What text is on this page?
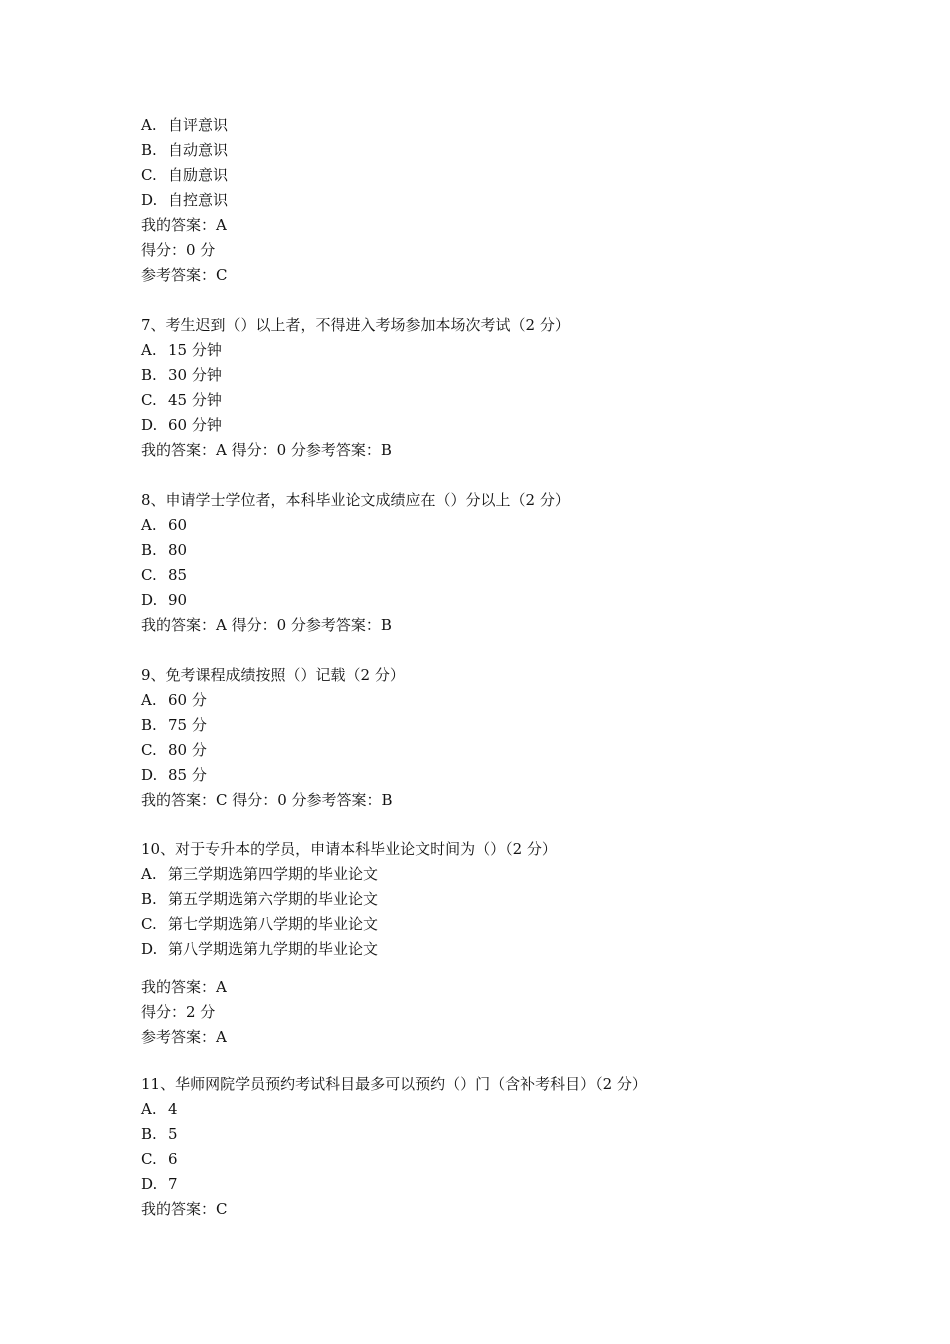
A. 自评意识
B. 自动意识
C. 自励意识
D. 自控意识
我的答案：A
得分：0 分
参考答案：C
7、考生迟到（）以上者，不得进入考场参加本场次考试（2 分）
A. 15 分钟
B. 30 分钟
C. 45 分钟
D. 60 分钟
我的答案：A 得分：0 分参考答案：B
8、申请学士学位者，本科毕业论文成绩应在（）分以上（2 分）
A. 60
B. 80
C. 85
D. 90
我的答案：A 得分：0 分参考答案：B
9、免考课程成绩按照（）记载（2 分）
A. 60 分
B. 75 分
C. 80 分
D. 85 分
我的答案：C 得分：0 分参考答案：B
10、对于专升本的学员，申请本科毕业论文时间为（）（2 分）
A. 第三学期选第四学期的毕业论文
B. 第五学期选第六学期的毕业论文
C. 第七学期选第八学期的毕业论文
D. 第八学期选第九学期的毕业论文
我的答案：A
得分：2 分
参考答案：A
11、华师网院学员预约考试科目最多可以预约（）门（含补考科目）（2 分）
A. 4
B. 5
C. 6
D. 7
我的答案：C
